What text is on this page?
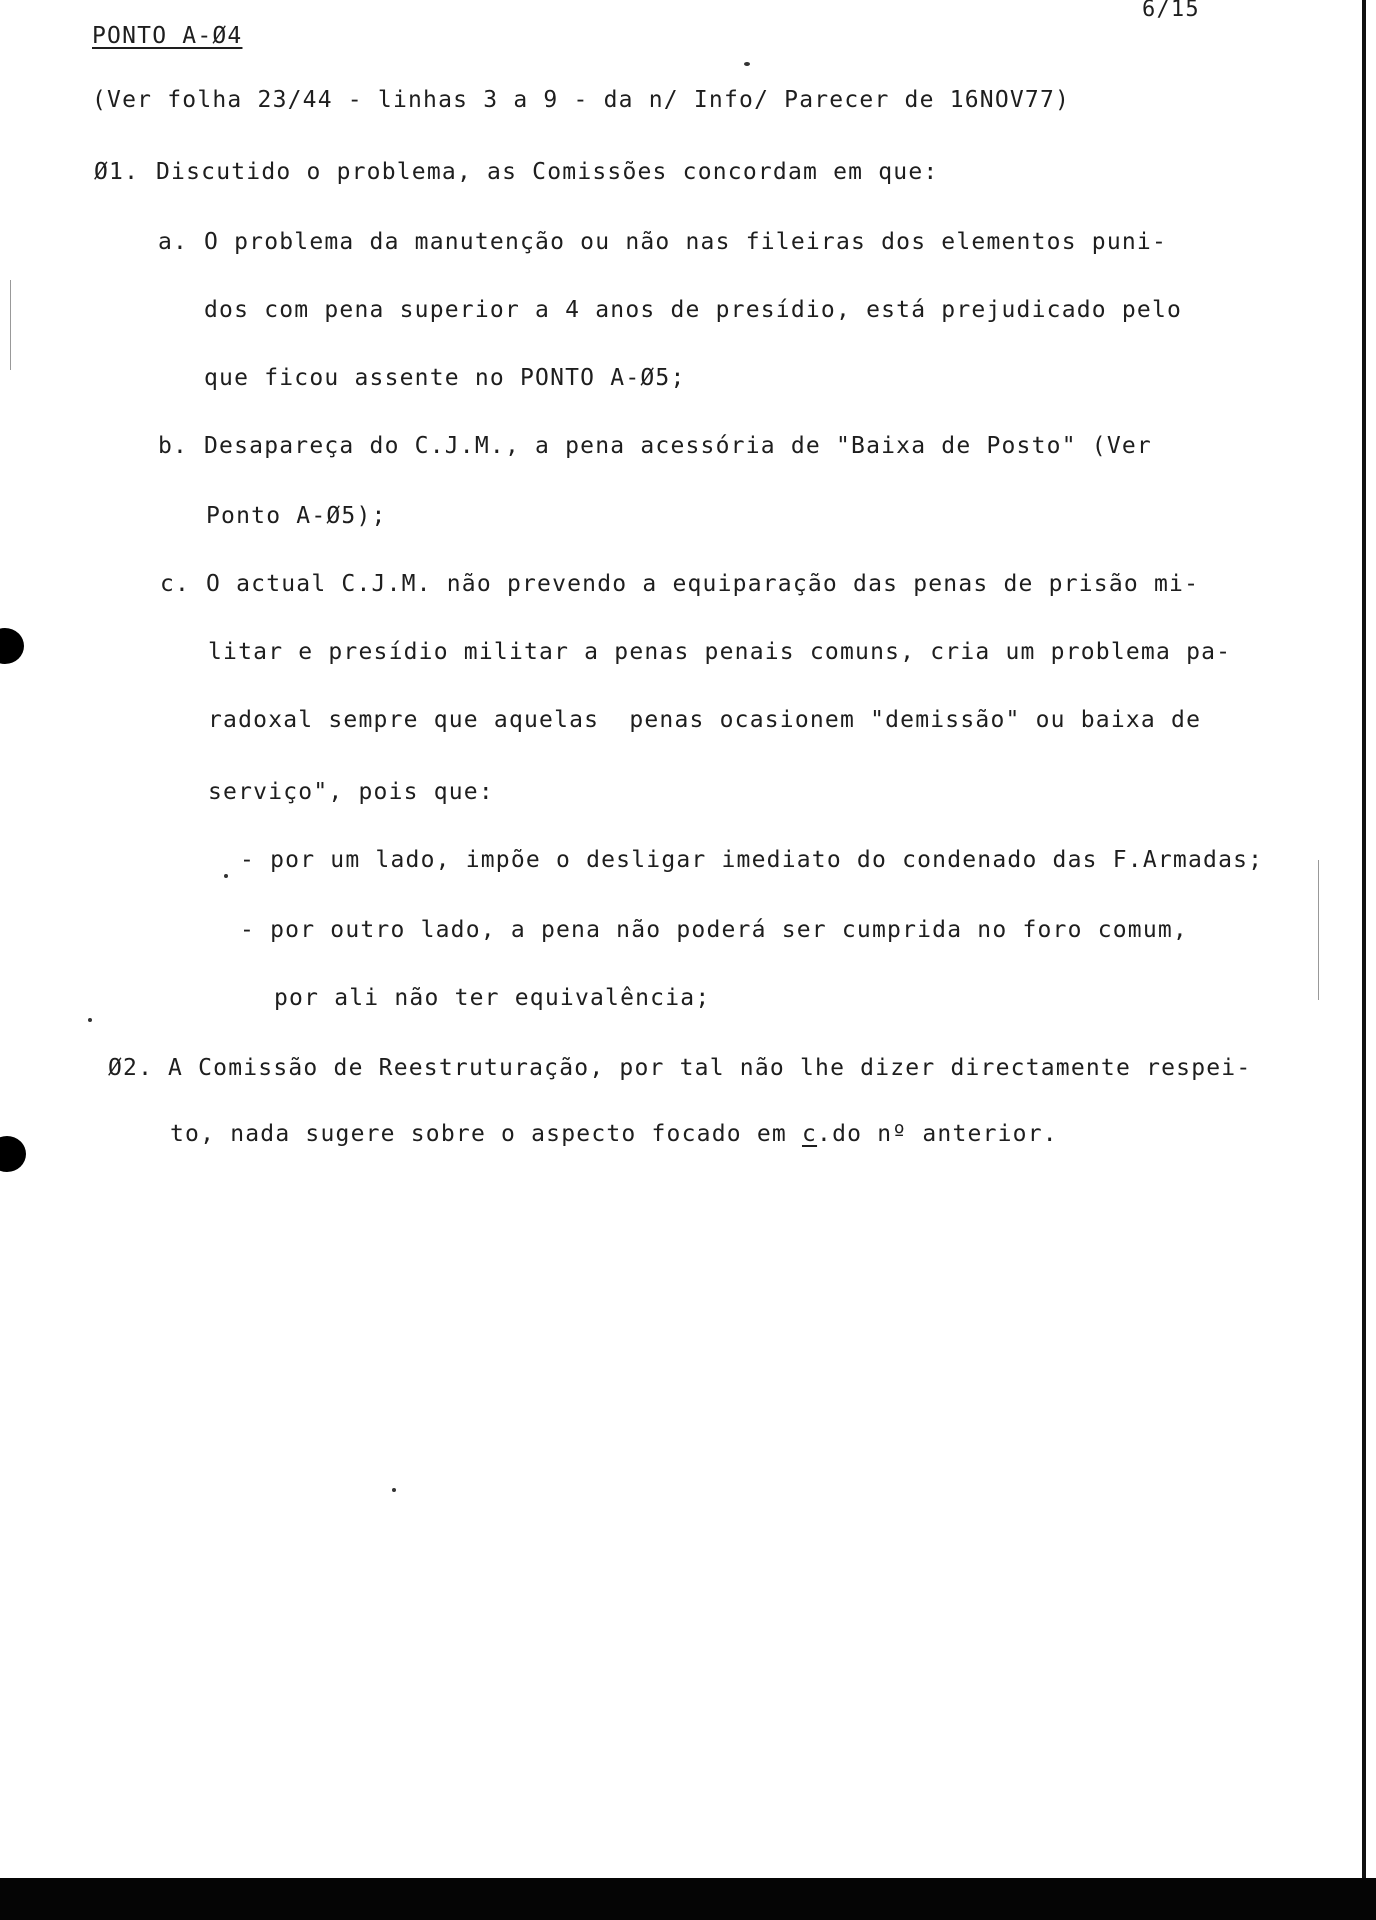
6/15
PONTO A-Ø4
(Ver folha 23/44 - linhas 3 a 9 - da n/ Info/ Parecer de 16NOV77)
Ø1. Discutido o problema, as Comissões concordam em que:
a. O problema da manutenção ou não nas fileiras dos elementos puni-
dos com pena superior a 4 anos de presídio, está prejudicado pelo
que ficou assente no PONTO A-Ø5;
b. Desapareça do C.J.M., a pena acessória de "Baixa de Posto" (Ver
Ponto A-Ø5);
c. O actual C.J.M. não prevendo a equiparação das penas de prisão mi-
litar e presídio militar a penas penais comuns, cria um problema pa-
radoxal sempre que aquelas  penas ocasionem "demissão" ou baixa de
serviço", pois que:
- por um lado, impõe o desligar imediato do condenado das F.Armadas;
- por outro lado, a pena não poderá ser cumprida no foro comum,
por ali não ter equivalência;
Ø2. A Comissão de Reestruturação, por tal não lhe dizer directamente respei-
to, nada sugere sobre o aspecto focado em c.do nº anterior.
